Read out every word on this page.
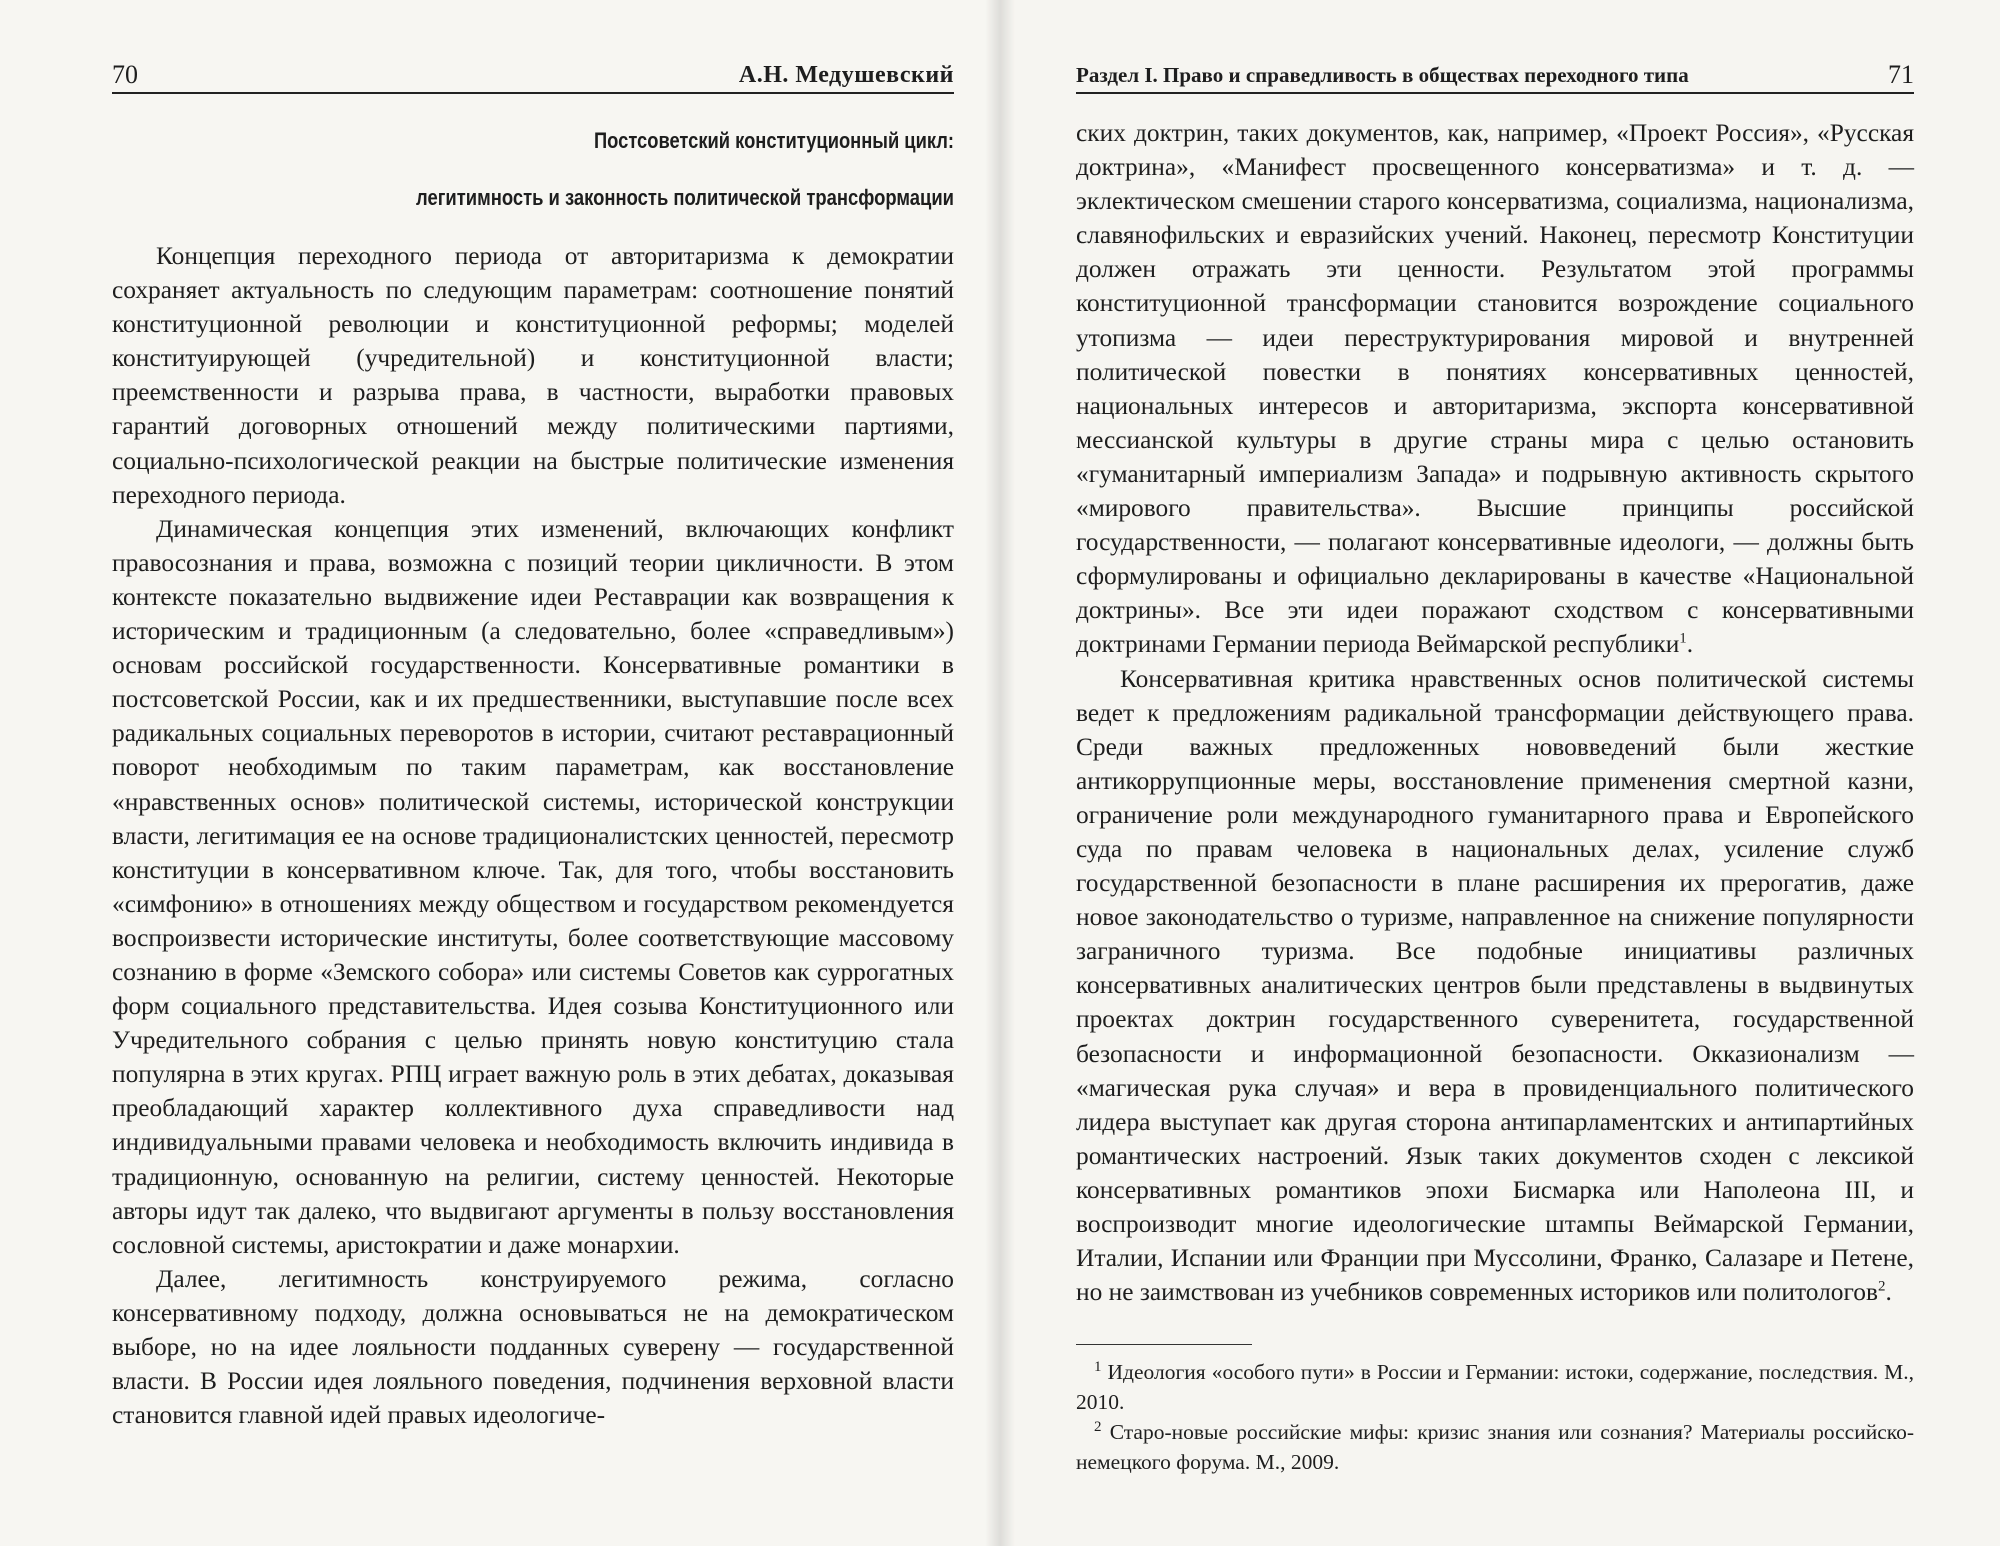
70	А.Н. Медушевский	Раздел I. Право и справедливость в обществах переходного типа	71
Постсоветский конституционный цикл:
легитимность и законность политической трансформации

Концепция переходного периода от авторитаризма к демократии сохраняет актуальность по следующим параметрам: соотношение понятий конституционной революции и конституционной реформы; моделей конституирующей (учредительной) и конституционной власти; преемственности и разрыва права, в частности, выработки правовых гарантий договорных отношений между политическими партиями, социально-психологической реакции на быстрые политические изменения переходного периода.

Динамическая концепция этих изменений, включающих конфликт правосознания и права, возможна с позиций теории цикличности. В этом контексте показательно выдвижение идеи Реставрации как возвращения к историческим и традиционным (а следовательно, более «справедливым») основам российской государственности. Консервативные романтики в постсоветской России, как и их предшественники, выступавшие после всех радикальных социальных переворотов в истории, считают реставрационный поворот необходимым по таким параметрам, как восстановление «нравственных основ» политической системы, исторической конструкции власти, легитимация ее на основе традиционалистских ценностей, пересмотр конституции в консервативном ключе. Так, для того, чтобы восстановить «симфонию» в отношениях между обществом и государством рекомендуется воспроизвести исторические институты, более соответствующие массовому сознанию в форме «Земского собора» или системы Советов как суррогатных форм социального представительства. Идея созыва Конституционного или Учредительного собрания с целью принять новую конституцию стала популярна в этих кругах. РПЦ играет важную роль в этих дебатах, доказывая преобладающий характер коллективного духа справедливости над индивидуальными правами человека и необходимость включить индивида в традиционную, основанную на религии, систему ценностей. Некоторые авторы идут так далеко, что выдвигают аргументы в пользу восстановления сословной системы, аристократии и даже монархии.

Далее, легитимность конструируемого режима, согласно консервативному подходу, должна основываться не на демократическом выборе, но на идее лояльности подданных суверену — государственной власти. В России идея лояльного поведения, подчинения верховной власти становится главной идей правых идеологиче-

ских доктрин, таких документов, как, например, «Проект Россия», «Русская доктрина», «Манифест просвещенного консерватизма» и т. д. — эклектическом смешении старого консерватизма, социализма, национализма, славянофильских и евразийских учений. Наконец, пересмотр Конституции должен отражать эти ценности. Результатом этой программы конституционной трансформации становится возрождение социального утопизма — идеи переструктурирования мировой и внутренней политической повестки в понятиях консервативных ценностей, национальных интересов и авторитаризма, экспорта консервативной мессианской культуры в другие страны мира с целью остановить «гуманитарный империализм Запада» и подрывную активность скрытого «мирового правительства». Высшие принципы российской государственности, — полагают консервативные идеологи, — должны быть сформулированы и официально декларированы в качестве «Национальной доктрины». Все эти идеи поражают сходством с консервативными доктринами Германии периода Веймарской республики$^1$.

Консервативная критика нравственных основ политической системы ведет к предложениям радикальной трансформации действующего права. Среди важных предложенных нововведений были жесткие антикоррупционные меры, восстановление применения смертной казни, ограничение роли международного гуманитарного права и Европейского суда по правам человека в национальных делах, усиление служб государственной безопасности в плане расширения их прерогатив, даже новое законодательство о туризме, направленное на снижение популярности заграничного туризма. Все подобные инициативы различных консервативных аналитических центров были представлены в выдвинутых проектах доктрин государственного суверенитета, государственной безопасности и информационной безопасности. Окказионализм — «магическая рука случая» и вера в провиденциального политического лидера выступает как другая сторона антипарламентских и антипартийных романтических настроений. Язык таких документов сходен с лексикой консервативных романтиков эпохи Бисмарка или Наполеона III, и воспроизводит многие идеологические штампы Веймарской Германии, Италии, Испании или Франции при Муссолини, Франко, Салазаре и Петене, но не заимствован из учебников современных историков или политологов$^2$.

$^1$ Идеология «особого пути» в России и Германии: истоки, содержание, последствия. М., 2010.

$^2$ Старо-новые российские мифы: кризис знания или сознания? Материалы российско-немецкого форума. М., 2009.
